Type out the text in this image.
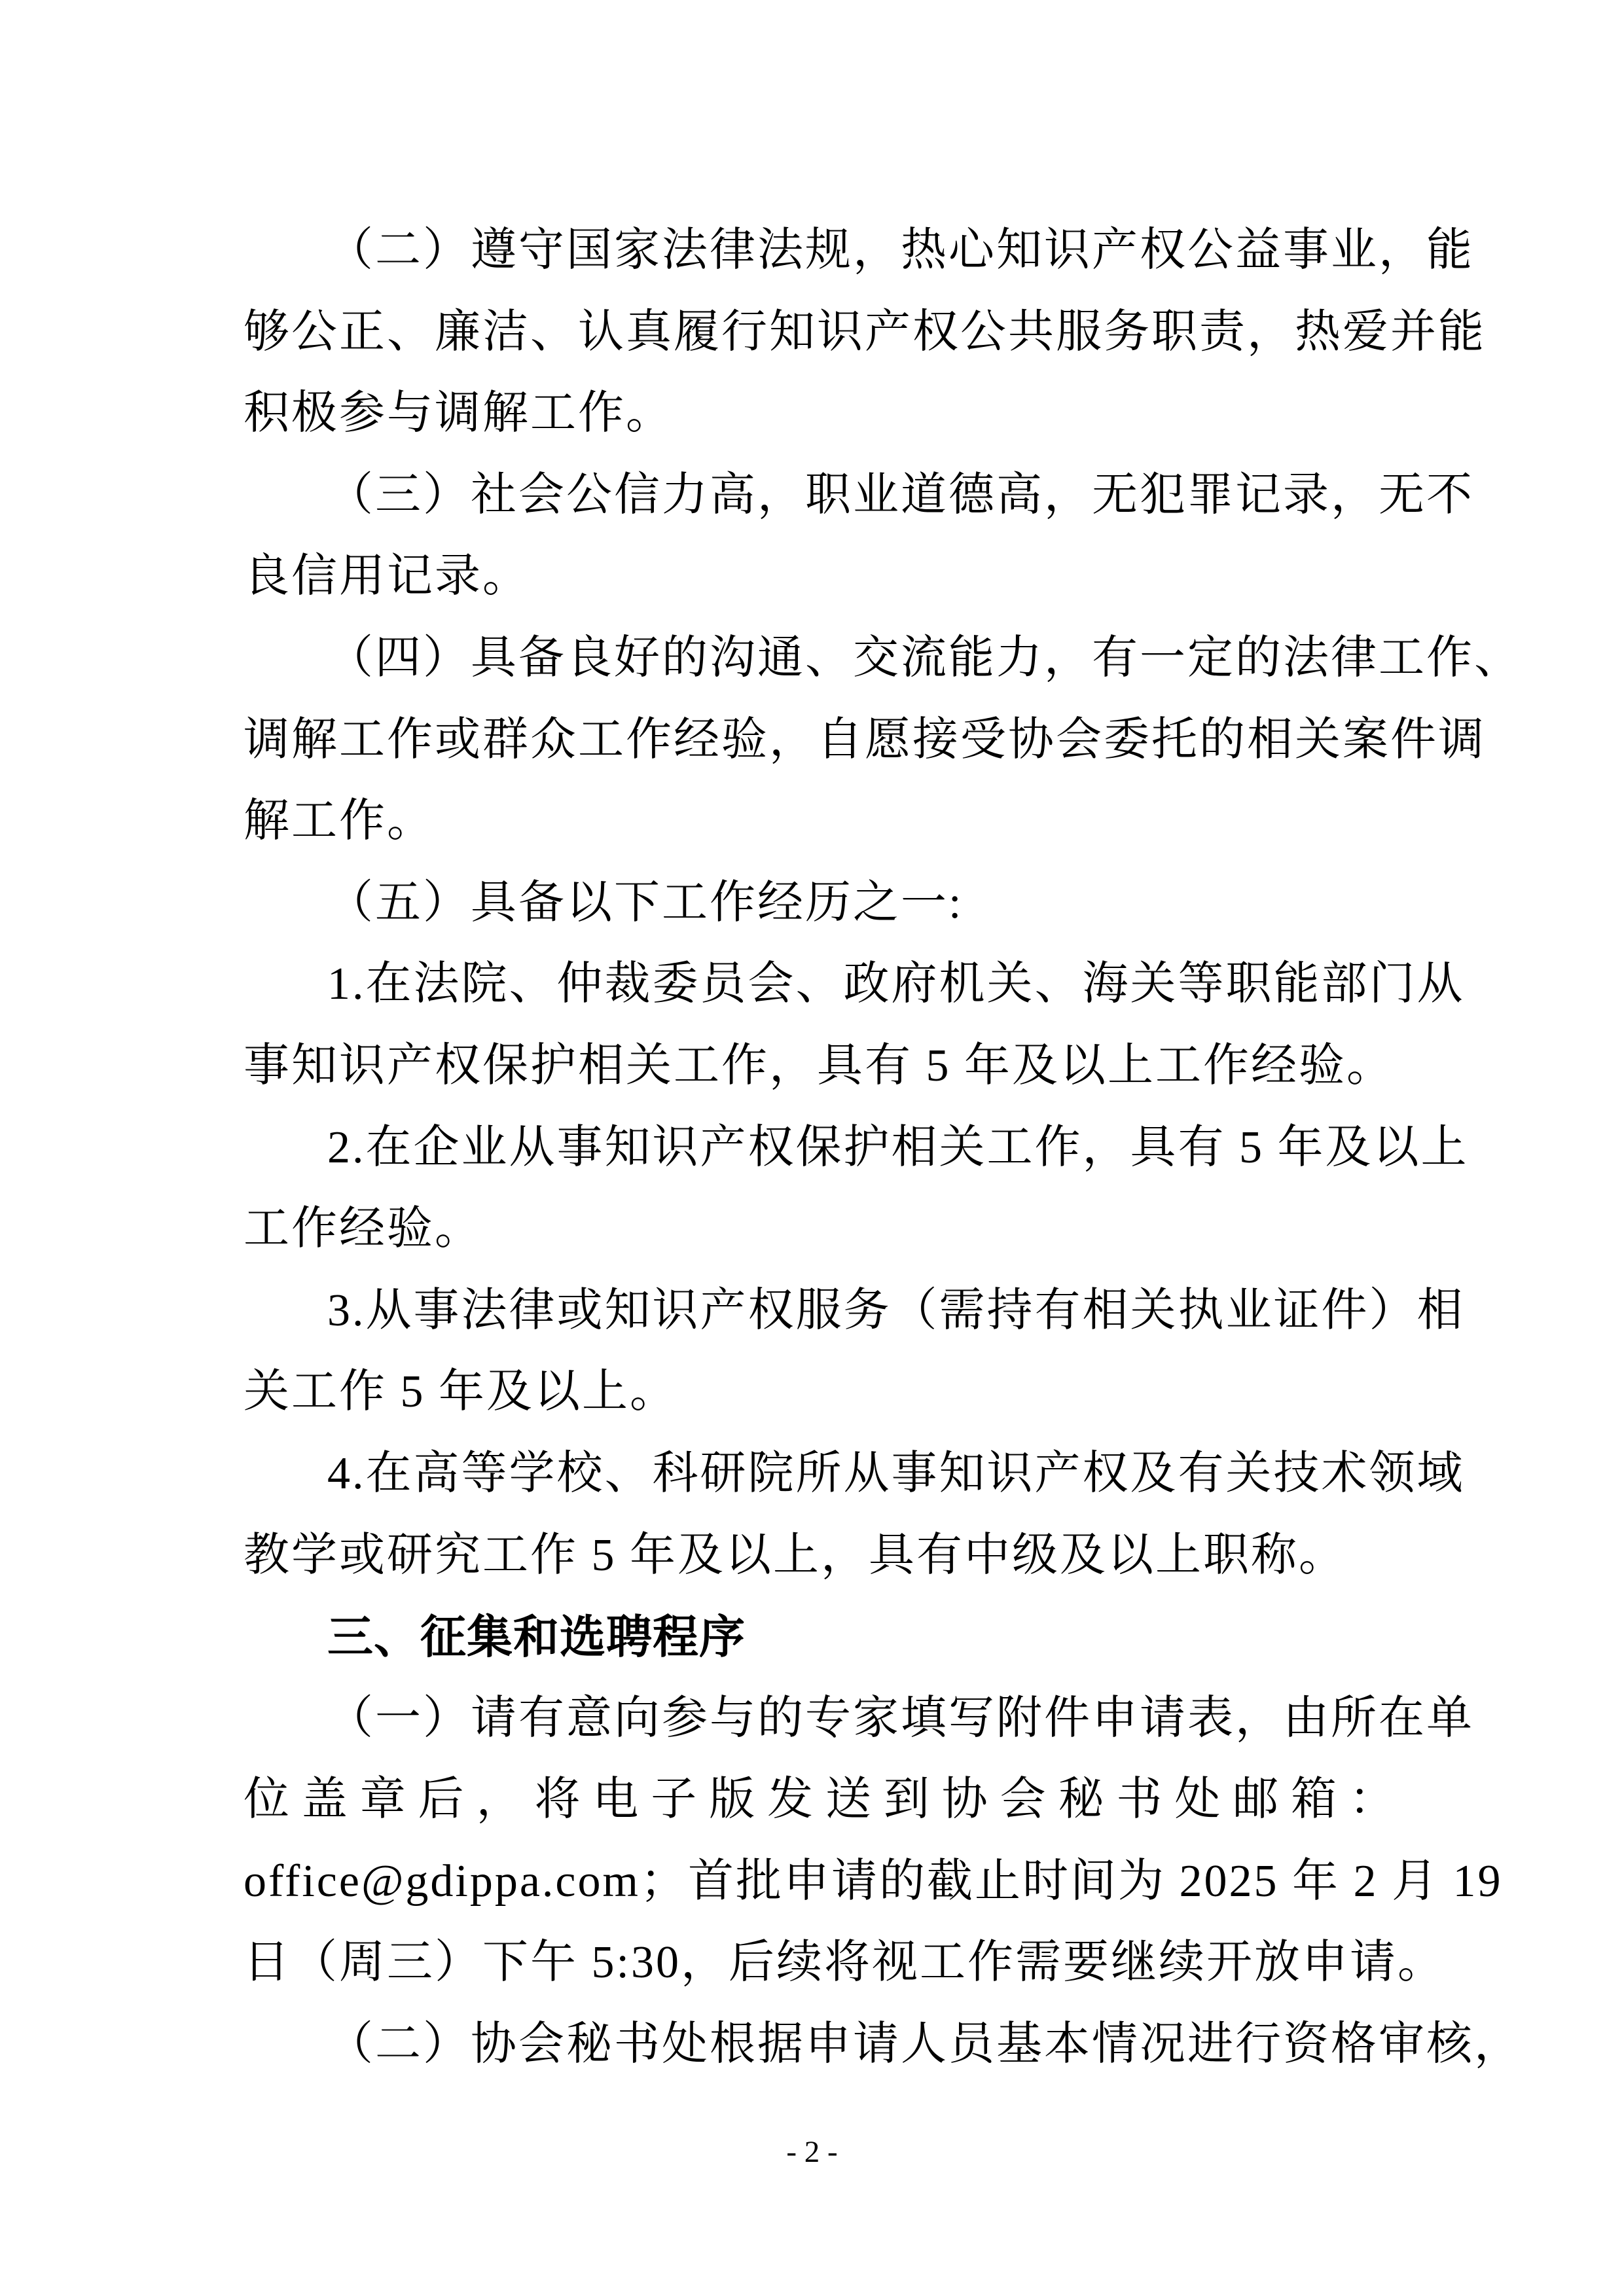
（二）遵守国家法律法规，热心知识产权公益事业，能
够公正、廉洁、认真履行知识产权公共服务职责，热爱并能
积极参与调解工作。
（三）社会公信力高，职业道德高，无犯罪记录，无不
良信用记录。
（四）具备良好的沟通、交流能力，有一定的法律工作、
调解工作或群众工作经验，自愿接受协会委托的相关案件调
解工作。
（五）具备以下工作经历之一:
1.在法院、仲裁委员会、政府机关、海关等职能部门从
事知识产权保护相关工作，具有 5 年及以上工作经验。
2.在企业从事知识产权保护相关工作，具有 5 年及以上
工作经验。
3.从事法律或知识产权服务（需持有相关执业证件）相
关工作 5 年及以上。
4.在高等学校、科研院所从事知识产权及有关技术领域
教学或研究工作 5 年及以上，具有中级及以上职称。
三、征集和选聘程序
（一）请有意向参与的专家填写附件申请表，由所在单
位盖章后，将电子版发送到协会秘书处邮箱：
office@gdippa.com；首批申请的截止时间为 2025 年 2 月 19
日（周三）下午 5:30，后续将视工作需要继续开放申请。
（二）协会秘书处根据申请人员基本情况进行资格审核，
- 2 -
